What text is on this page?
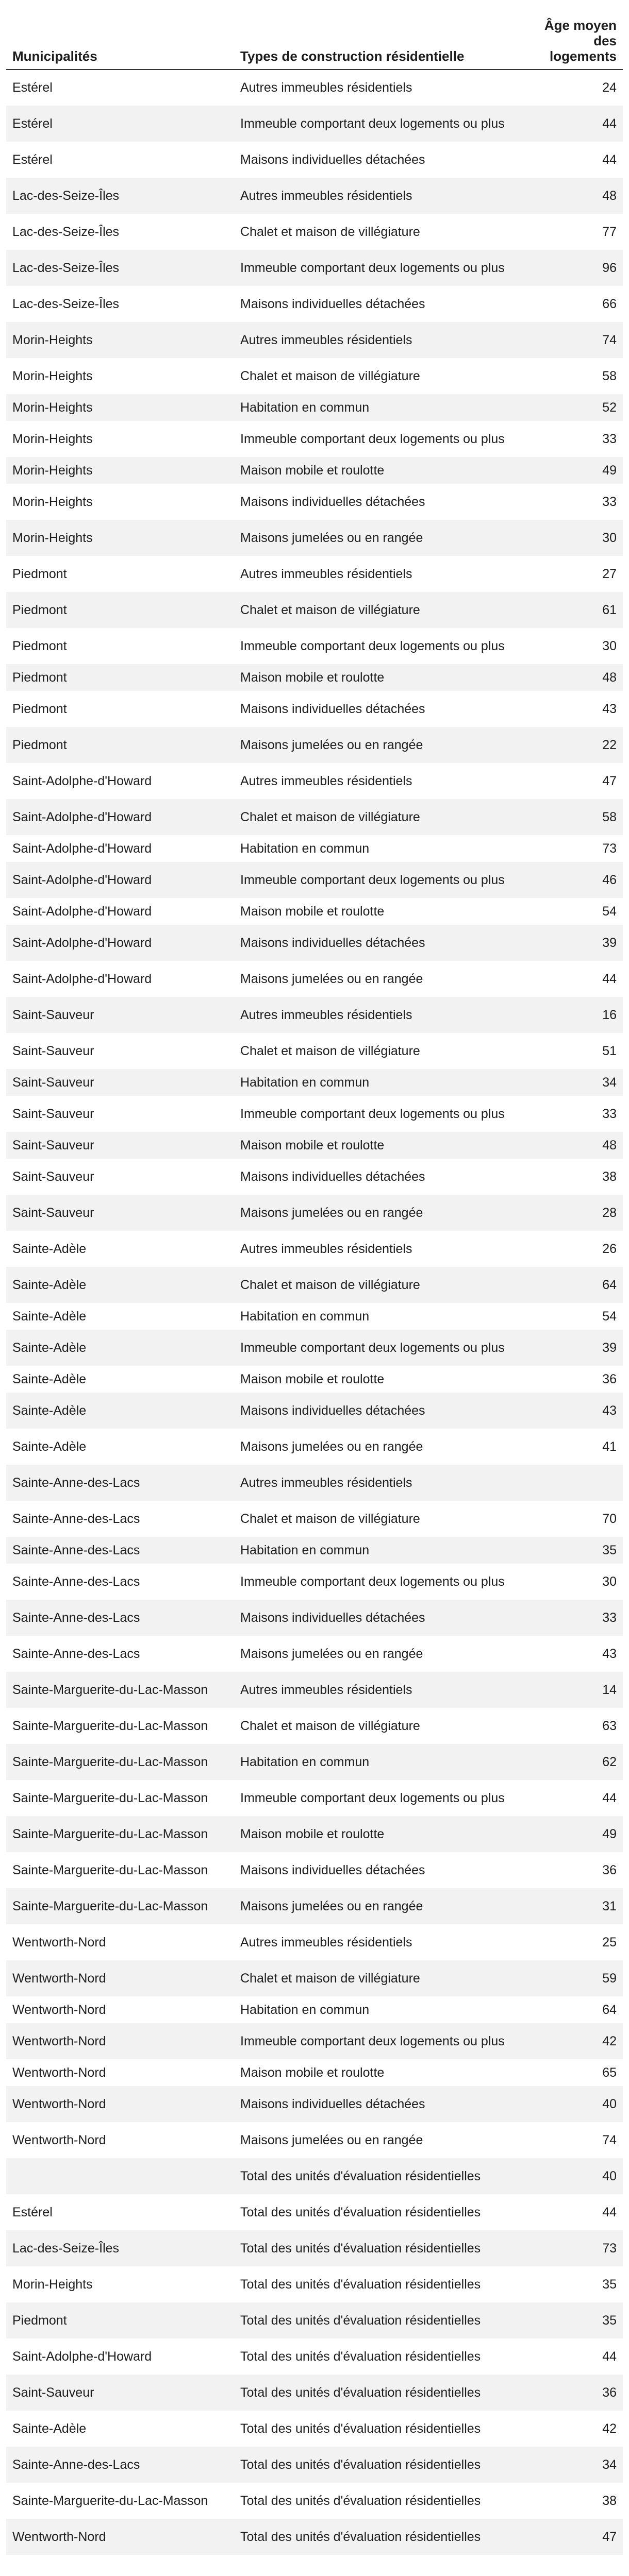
Municipalités	Types de construction résidentielle	Âge moyen des logements
Estérel	Autres immeubles résidentiels	24
Estérel	Immeuble comportant deux logements ou plus	44
Estérel	Maisons individuelles détachées	44
Lac-des-Seize-Îles	Autres immeubles résidentiels	48
Lac-des-Seize-Îles	Chalet et maison de villégiature	77
Lac-des-Seize-Îles	Immeuble comportant deux logements ou plus	96
Lac-des-Seize-Îles	Maisons individuelles détachées	66
Morin-Heights	Autres immeubles résidentiels	74
Morin-Heights	Chalet et maison de villégiature	58
Morin-Heights	Habitation en commun	52
Morin-Heights	Immeuble comportant deux logements ou plus	33
Morin-Heights	Maison mobile et roulotte	49
Morin-Heights	Maisons individuelles détachées	33
Morin-Heights	Maisons jumelées ou en rangée	30
Piedmont	Autres immeubles résidentiels	27
Piedmont	Chalet et maison de villégiature	61
Piedmont	Immeuble comportant deux logements ou plus	30
Piedmont	Maison mobile et roulotte	48
Piedmont	Maisons individuelles détachées	43
Piedmont	Maisons jumelées ou en rangée	22
Saint-Adolphe-d'Howard	Autres immeubles résidentiels	47
Saint-Adolphe-d'Howard	Chalet et maison de villégiature	58
Saint-Adolphe-d'Howard	Habitation en commun	73
Saint-Adolphe-d'Howard	Immeuble comportant deux logements ou plus	46
Saint-Adolphe-d'Howard	Maison mobile et roulotte	54
Saint-Adolphe-d'Howard	Maisons individuelles détachées	39
Saint-Adolphe-d'Howard	Maisons jumelées ou en rangée	44
Saint-Sauveur	Autres immeubles résidentiels	16
Saint-Sauveur	Chalet et maison de villégiature	51
Saint-Sauveur	Habitation en commun	34
Saint-Sauveur	Immeuble comportant deux logements ou plus	33
Saint-Sauveur	Maison mobile et roulotte	48
Saint-Sauveur	Maisons individuelles détachées	38
Saint-Sauveur	Maisons jumelées ou en rangée	28
Sainte-Adèle	Autres immeubles résidentiels	26
Sainte-Adèle	Chalet et maison de villégiature	64
Sainte-Adèle	Habitation en commun	54
Sainte-Adèle	Immeuble comportant deux logements ou plus	39
Sainte-Adèle	Maison mobile et roulotte	36
Sainte-Adèle	Maisons individuelles détachées	43
Sainte-Adèle	Maisons jumelées ou en rangée	41
Sainte-Anne-des-Lacs	Autres immeubles résidentiels	
Sainte-Anne-des-Lacs	Chalet et maison de villégiature	70
Sainte-Anne-des-Lacs	Habitation en commun	35
Sainte-Anne-des-Lacs	Immeuble comportant deux logements ou plus	30
Sainte-Anne-des-Lacs	Maisons individuelles détachées	33
Sainte-Anne-des-Lacs	Maisons jumelées ou en rangée	43
Sainte-Marguerite-du-Lac-Masson	Autres immeubles résidentiels	14
Sainte-Marguerite-du-Lac-Masson	Chalet et maison de villégiature	63
Sainte-Marguerite-du-Lac-Masson	Habitation en commun	62
Sainte-Marguerite-du-Lac-Masson	Immeuble comportant deux logements ou plus	44
Sainte-Marguerite-du-Lac-Masson	Maison mobile et roulotte	49
Sainte-Marguerite-du-Lac-Masson	Maisons individuelles détachées	36
Sainte-Marguerite-du-Lac-Masson	Maisons jumelées ou en rangée	31
Wentworth-Nord	Autres immeubles résidentiels	25
Wentworth-Nord	Chalet et maison de villégiature	59
Wentworth-Nord	Habitation en commun	64
Wentworth-Nord	Immeuble comportant deux logements ou plus	42
Wentworth-Nord	Maison mobile et roulotte	65
Wentworth-Nord	Maisons individuelles détachées	40
Wentworth-Nord	Maisons jumelées ou en rangée	74
	Total des unités d'évaluation résidentielles	40
Estérel	Total des unités d'évaluation résidentielles	44
Lac-des-Seize-Îles	Total des unités d'évaluation résidentielles	73
Morin-Heights	Total des unités d'évaluation résidentielles	35
Piedmont	Total des unités d'évaluation résidentielles	35
Saint-Adolphe-d'Howard	Total des unités d'évaluation résidentielles	44
Saint-Sauveur	Total des unités d'évaluation résidentielles	36
Sainte-Adèle	Total des unités d'évaluation résidentielles	42
Sainte-Anne-des-Lacs	Total des unités d'évaluation résidentielles	34
Sainte-Marguerite-du-Lac-Masson	Total des unités d'évaluation résidentielles	38
Wentworth-Nord	Total des unités d'évaluation résidentielles	47
